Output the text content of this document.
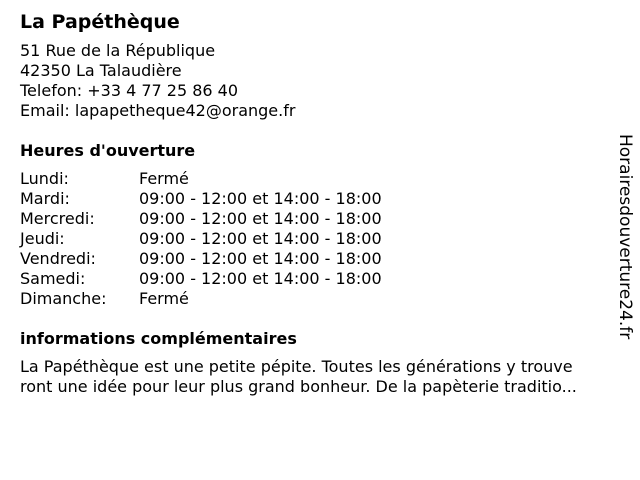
La Papéthèque
51 Rue de la République
42350 La Talaudière
Telefon: +33 4 77 25 86 40
Email: lapapetheque42@orange.fr
Heures d'ouverture
Lundi:	Fermé
Mardi:	09:00 - 12:00 et 14:00 - 18:00
Mercredi:	09:00 - 12:00 et 14:00 - 18:00
Jeudi:	09:00 - 12:00 et 14:00 - 18:00
Vendredi:	09:00 - 12:00 et 14:00 - 18:00
Samedi:	09:00 - 12:00 et 14:00 - 18:00
Dimanche:	Fermé
informations complémentaires
La Papéthèque est une petite pépite. Toutes les générations y trouve
ront une idée pour leur plus grand bonheur. De la papèterie traditio...
Horairesdouverture24.fr
